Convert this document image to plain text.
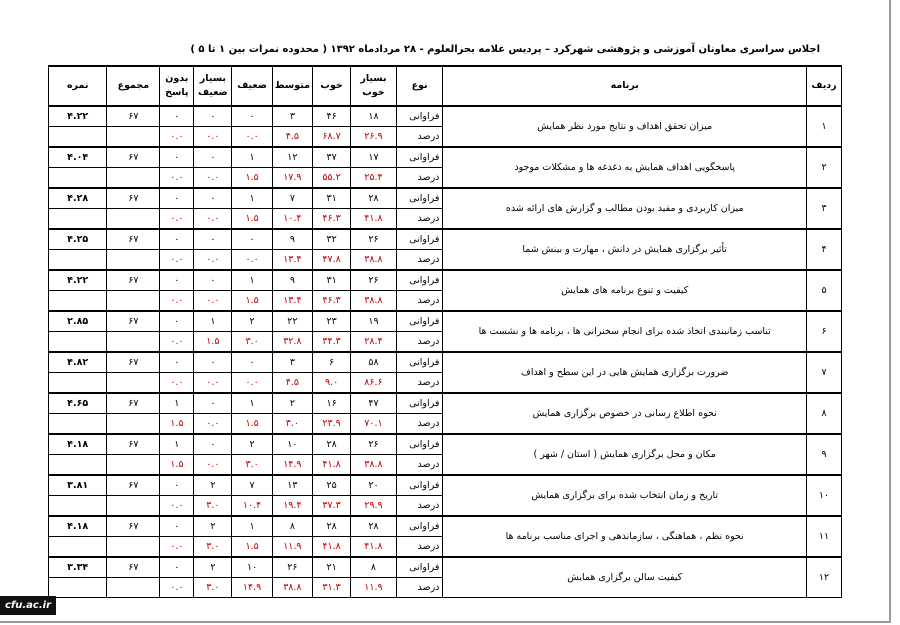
اجلاس سراسری معاونان آموزشی و پژوهشی شهرکرد – پردیس علامه بحرالعلوم - ۲۸ مردادماه ۱۳۹۲ ( محدوده نمرات بین ۱ تا ۵ )
ردیف	برنامه	نوع	بسیار خوب	خوب	متوسط	ضعیف	بسیار ضعیف	بدون پاسخ	مجموع	نمره
۱	میزان تحقق اهداف و نتایج مورد نظر همایش	فراوانی	۱۸	۴۶	۳	۰	۰	۰	۶۷	۴.۲۲
		درصد	۲۶.۹	۶۸.۷	۴.۵	۰.۰	۰.۰	۰.۰		
۲	پاسخگویی اهداف همایش به دغدغه ها و مشکلات موجود	فراوانی	۱۷	۳۷	۱۲	۱	۰	۰	۶۷	۴.۰۴
		درصد	۲۵.۴	۵۵.۲	۱۷.۹	۱.۵	۰.۰	۰.۰		
۳	میزان کاربردی و مفید بودن مطالب و گزارش های ارائه شده	فراوانی	۲۸	۳۱	۷	۱	۰	۰	۶۷	۴.۲۸
		درصد	۴۱.۸	۴۶.۳	۱۰.۴	۱.۵	۰.۰	۰.۰		
۴	تأثیر برگزاری همایش در دانش ، مهارت و بینش شما	فراوانی	۲۶	۳۲	۹	۰	۰	۰	۶۷	۴.۲۵
		درصد	۳۸.۸	۴۷.۸	۱۳.۴	۰.۰	۰.۰	۰.۰		
۵	کیفیت و تنوع برنامه های همایش	فراوانی	۲۶	۳۱	۹	۱	۰	۰	۶۷	۴.۲۲
		درصد	۳۸.۸	۴۶.۳	۱۳.۴	۱.۵	۰.۰	۰.۰		
۶	تناسب زمانبندی اتخاذ شده برای انجام سخنرانی ها ، برنامه ها و نشست ها	فراوانی	۱۹	۲۳	۲۲	۲	۱	۰	۶۷	۲.۸۵
		درصد	۲۸.۴	۳۴.۳	۳۲.۸	۳.۰	۱.۵	۰.۰		
۷	ضرورت برگزاری همایش هایی در این سطح و اهداف	فراوانی	۵۸	۶	۳	۰	۰	۰	۶۷	۴.۸۲
		درصد	۸۶.۶	۹.۰	۴.۵	۰.۰	۰.۰	۰.۰		
۸	نحوه اطلاع رسانی در خصوص برگزاری همایش	فراوانی	۴۷	۱۶	۲	۱	۰	۱	۶۷	۴.۶۵
		درصد	۷۰.۱	۲۳.۹	۳.۰	۱.۵	۰.۰	۱.۵		
۹	مکان و محل برگزاری همایش ( استان / شهر )	فراوانی	۲۶	۲۸	۱۰	۲	۰	۱	۶۷	۴.۱۸
		درصد	۳۸.۸	۴۱.۸	۱۴.۹	۳.۰	۰.۰	۱.۵		
۱۰	تاریخ و زمان انتخاب شده برای برگزاری همایش	فراوانی	۲۰	۲۵	۱۳	۷	۲	۰	۶۷	۳.۸۱
		درصد	۲۹.۹	۳۷.۳	۱۹.۴	۱۰.۴	۳.۰	۰.۰		
۱۱	نحوه نظم ، هماهنگی ، سازماندهی و اجرای مناسب برنامه ها	فراوانی	۲۸	۲۸	۸	۱	۲	۰	۶۷	۴.۱۸
		درصد	۴۱.۸	۴۱.۸	۱۱.۹	۱.۵	۳.۰	۰.۰		
۱۲	کیفیت سالن برگزاری همایش	فراوانی	۸	۲۱	۲۶	۱۰	۲	۰	۶۷	۳.۳۴
		درصد	۱۱.۹	۳۱.۳	۳۸.۸	۱۴.۹	۳.۰	۰.۰		
cfu.ac.ir
